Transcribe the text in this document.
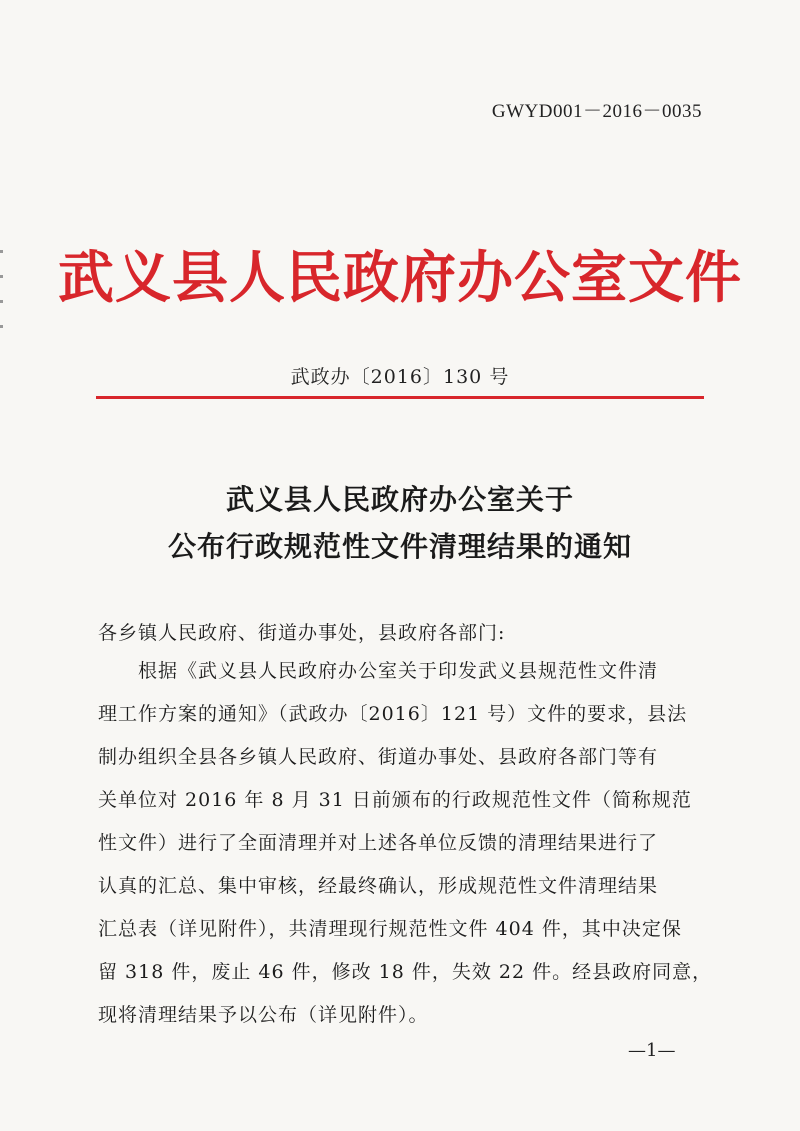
GWYD001－2016－0035
武义县人民政府办公室文件
武政办〔2016〕130 号
武义县人民政府办公室关于
公布行政规范性文件清理结果的通知
各乡镇人民政府、街道办事处，县政府各部门:
　　根据《武义县人民政府办公室关于印发武义县规范性文件清
理工作方案的通知》（武政办〔2016〕121 号）文件的要求，县法
制办组织全县各乡镇人民政府、街道办事处、县政府各部门等有
关单位对 2016 年 8 月 31 日前颁布的行政规范性文件（简称规范
性文件）进行了全面清理并对上述各单位反馈的清理结果进行了
认真的汇总、集中审核，经最终确认，形成规范性文件清理结果
汇总表（详见附件），共清理现行规范性文件 404 件，其中决定保
留 318 件，废止 46 件，修改 18 件，失效 22 件。经县政府同意，
现将清理结果予以公布（详见附件）。
—1—
